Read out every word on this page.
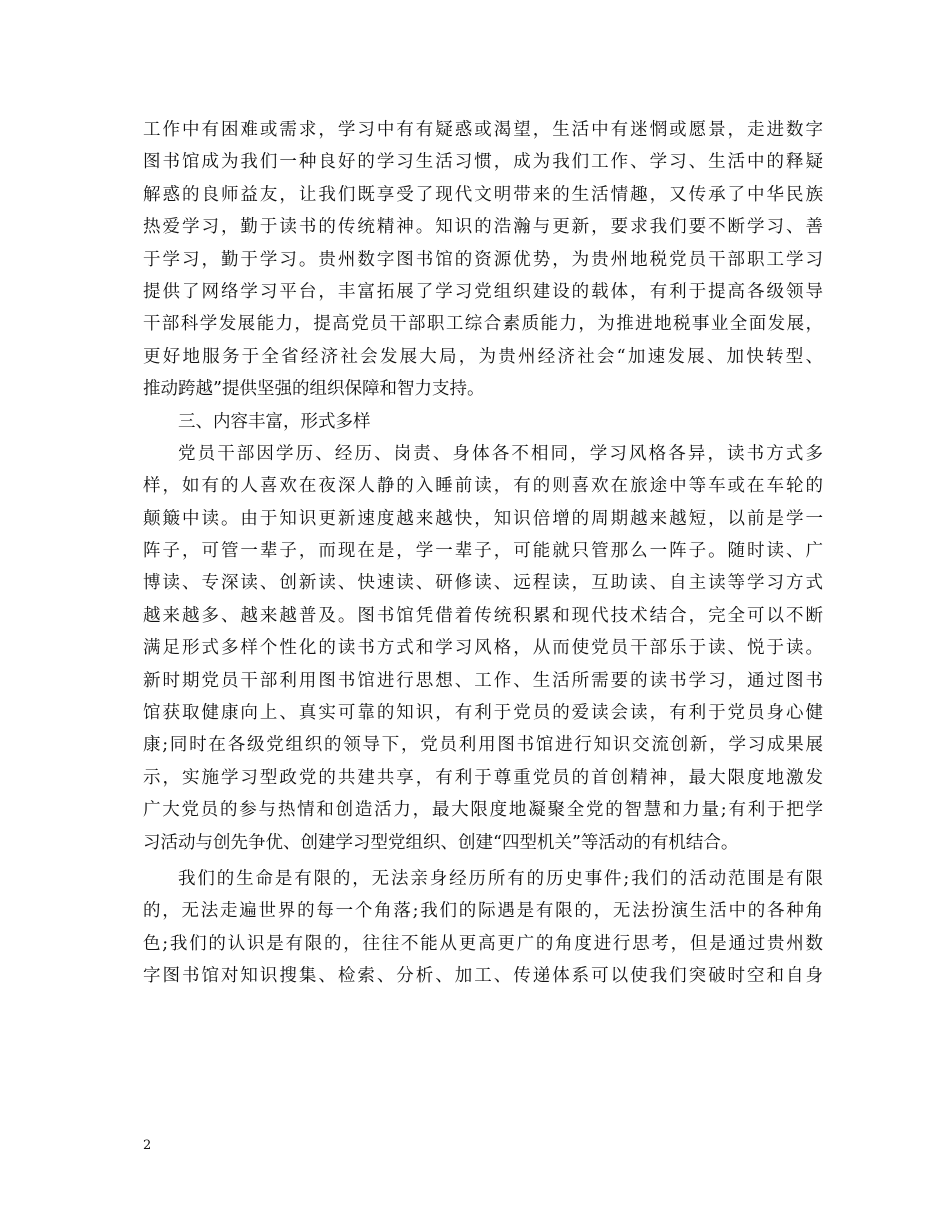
工作中有困难或需求，学习中有有疑惑或渴望，生活中有迷惘或愿景，走进数字
图书馆成为我们一种良好的学习生活习惯，成为我们工作、学习、生活中的释疑
解惑的良师益友，让我们既享受了现代文明带来的生活情趣，又传承了中华民族
热爱学习，勤于读书的传统精神。知识的浩瀚与更新，要求我们要不断学习、善
于学习，勤于学习。贵州数字图书馆的资源优势，为贵州地税党员干部职工学习
提供了网络学习平台，丰富拓展了学习党组织建设的载体，有利于提高各级领导
干部科学发展能力，提高党员干部职工综合素质能力，为推进地税事业全面发展，
更好地服务于全省经济社会发展大局，为贵州经济社会“加速发展、加快转型、
推动跨越”提供坚强的组织保障和智力支持。
三、内容丰富，形式多样
党员干部因学历、经历、岗责、身体各不相同，学习风格各异，读书方式多
样，如有的人喜欢在夜深人静的入睡前读，有的则喜欢在旅途中等车或在车轮的
颠簸中读。由于知识更新速度越来越快，知识倍增的周期越来越短，以前是学一
阵子，可管一辈子，而现在是，学一辈子，可能就只管那么一阵子。随时读、广
博读、专深读、创新读、快速读、研修读、远程读，互助读、自主读等学习方式
越来越多、越来越普及。图书馆凭借着传统积累和现代技术结合，完全可以不断
满足形式多样个性化的读书方式和学习风格，从而使党员干部乐于读、悦于读。
新时期党员干部利用图书馆进行思想、工作、生活所需要的读书学习，通过图书
馆获取健康向上、真实可靠的知识，有利于党员的爱读会读，有利于党员身心健
康;同时在各级党组织的领导下，党员利用图书馆进行知识交流创新，学习成果展
示，实施学习型政党的共建共享，有利于尊重党员的首创精神，最大限度地激发
广大党员的参与热情和创造活力，最大限度地凝聚全党的智慧和力量;有利于把学
习活动与创先争优、创建学习型党组织、创建“四型机关”等活动的有机结合。
我们的生命是有限的，无法亲身经历所有的历史事件;我们的活动范围是有限
的，无法走遍世界的每一个角落;我们的际遇是有限的，无法扮演生活中的各种角
色;我们的认识是有限的，往往不能从更高更广的角度进行思考，但是通过贵州数
字图书馆对知识搜集、检索、分析、加工、传递体系可以使我们突破时空和自身
2
